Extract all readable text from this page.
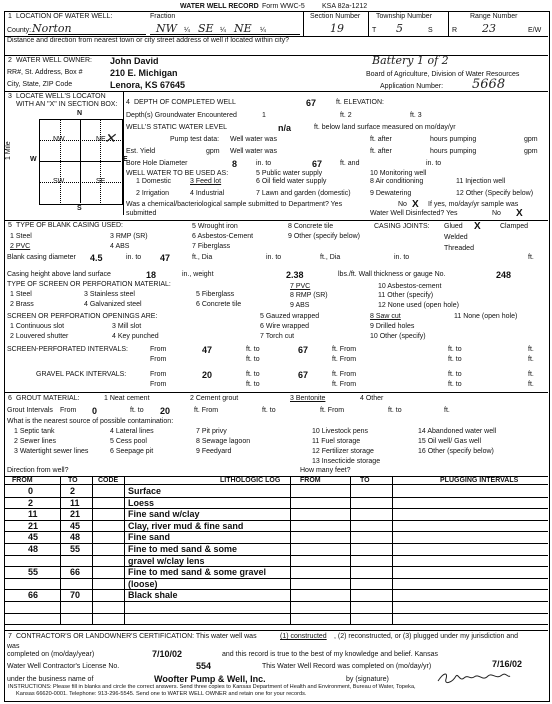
WATER WELL RECORD Form WWC-5 KSA 82a-1212
1 LOCATION OF WATER WELL:
County: Norton
Fraction
NW ¼ SE ¼ NE ¼
Section Number
19
Township Number
T 5	S
Range Number
R 23	E/W
Distance and direction from nearest town or city street address of well if located within city?
2 WATER WELL OWNER: John David
RR#, St. Address, Box #	210 E. Michigan
City, State, ZIP Code	Lenora, KS 67645
Battery 1 of 2
Board of Agriculture, Division of Water Resources
Application Number: 5668
3 LOCATE WELL'S LOCATON WITH AN "X" IN SECTION BOX:
N
S
W	E
1 Mile
NW	NE
SW	SE
✕
4 DEPTH OF COMPLETED WELL	67	ft. ELEVATION:
Depth(s) Groundwater Encountered	1	ft. 2	ft. 3
WELL'S STATIC WATER LEVEL	n/a	ft. below land surface measured on mo/day/yr
Pump test data: Well water was	ft. after	hours pumping	gpm
Est. Yield	gpm Well water was	ft. after	hours pumping	gpm
Bore Hole Diameter	8	in. to	67	ft. and	in. to
WELL WATER TO BE USED AS:
1 Domestic	3 Feed lot
5 Public water supply
8 Air conditioning	11 Injection well
2 Irrigation	4 Industrial
6 Oil field water supply
9 Dewatering	12 Other (Specify below)
7 Lawn and garden (domestic)
10 Monitoring well
Was a chemical/bacteriological sample submitted to Department? Yes	No X If yes, mo/day/yr sample was
submitted	Water Well Disinfected? Yes	No X
5 TYPE OF BLANK CASING USED:
1 Steel
2 PVC
3 RMP (SR)
4 ABS
5 Wrought iron
6 Asbestos-Cement
7 Fiberglass
8 Concrete tile
9 Other (specify below)
CASING JOINTS: Glued X	Clamped
Welded
Threaded
Blank casing diameter 4.5	in. to 47	ft., Dia	in. to	ft., Dia	in. to	ft.
Casing height above land surface	18	in., weight	2.38	lbs./ft. Wall thickness or gauge No.	248
TYPE OF SCREEN OR PERFORATION MATERIAL:
1 Steel
2 Brass
3 Stainless steel
4 Galvanized steel
5 Fiberglass
6 Concrete tile
7 PVC
8 RMP (SR)
9 ABS
10 Asbestos-cement
11 Other (specify)
12 None used (open hole)
SCREEN OR PERFORATION OPENINGS ARE:
1 Continuous slot
2 Louvered shutter
3 Mill slot
4 Key punched
5 Gauzed wrapped
6 Wire wrapped
7 Torch cut
8 Saw cut
9 Drilled holes
10 Other (specify)
11 None (open hole)
SCREEN-PERFORATED INTERVALS:	From	47	ft. to	67	ft. From	ft. to	ft.
From	ft. to	ft. From	ft. to	ft.
GRAVEL PACK INTERVALS:	From	20	ft. to	67	ft. From	ft. to	ft.
From	ft. to	ft. From	ft. to	ft.
6 GROUT MATERIAL:	1 Neat cement	2 Cement grout	3 Bentonite	4 Other
Grout Intervals From 0	ft. to 20	ft. From	ft. to	ft. From	ft. to	ft.
What is the nearest source of possible contamination:
1 Septic tank	4 Lateral lines	7 Pit privy	10 Livestock pens	14 Abandoned water well
2 Sewer lines	5 Cess pool	8 Sewage lagoon	11 Fuel storage	15 Oil well/ Gas well
3 Watertight sewer lines	6 Seepage pit	9 Feedyard	12 Fertilizer storage	16 Other (specify below)
13 Insecticide storage
Direction from well?	How many feet?
FROM	TO	CODE	LITHOLOGIC LOG	FROM	TO	PLUGGING INTERVALS
0	2	Surface
2	11	Loess
11	21	Fine sand w/clay
21	45	Clay, river mud & fine sand
45	48	Fine sand
48	55	Fine to med sand & some
gravel w/clay lens
55	66	Fine to med sand & some gravel
(loose)
66	70	Black shale
7 CONTRACTOR'S OR LANDOWNER'S CERTIFICATION: This water well was	(1) constructed , (2) reconstructed, or (3) plugged under my jurisdiction and
was
completed on (mo/day/year)	7/10/02	and this record is true to the best of my knowledge and belief. Kansas
Water Well Contractor's License No.	554	This Water Well Record was completed on (mo/day/yr)	7/16/02
under the business name of	Woofter Pump & Well, Inc.	by (signature)
INSTRUCTIONS: Please fill in blanks and circle the correct answers. Send three copies to Kansas Department of Health and Environment, Bureau of Water, Topeka,
Kansas 66620-0001. Telephone: 913-296-5545. Send one to WATER WELL OWNER and retain one for your records.
